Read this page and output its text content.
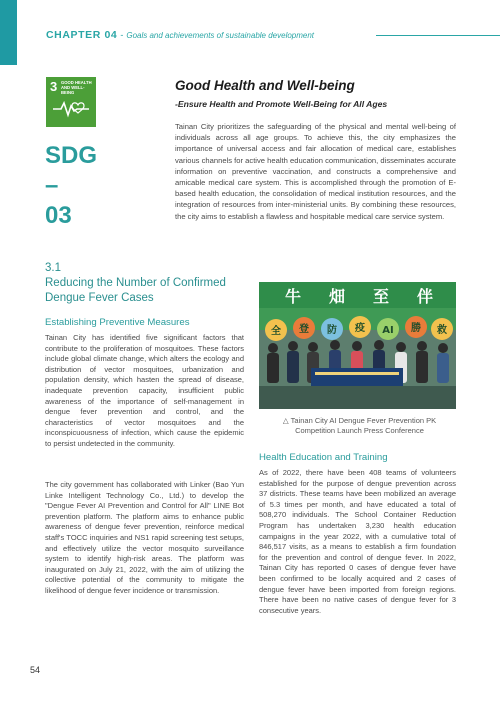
CHAPTER 04 - Goals and achievements of sustainable development
3 GOOD HEALTH AND WELL-BEING
SDG
–
03
Good Health and Well-being
-Ensure Health and Promote Well-Being for All Ages

Tainan City prioritizes the safeguarding of the physical and mental well-being of individuals across all age groups. To achieve this, the city emphasizes the importance of universal access and fair allocation of medical care, establishes various channels for active health education communication, disseminates accurate information on preventive vaccination, and constructs a comprehensive and amicable medical care system. This is accomplished through the promotion of E-based health education, the consolidation of medical institution resources, and the integration of resources from inter-ministerial units. By combining these resources, the city aims to establish a flawless and hospitable medical care service system.

3.1
Reducing the Number of Confirmed Dengue Fever Cases
Establishing Preventive Measures

Tainan City has identified five significant factors that contribute to the proliferation of mosquitoes. These factors include global climate change, which alters the ecology and distribution of vector mosquitoes, urbanization and population density, which hasten the spread of disease, inadequate prevention capacity, insufficient public awareness of the importance of self-management in dengue fever prevention and control, and the characteristics of vector mosquitoes and the inconspicuousness of infection, which cause the epidemic to persist undetected in the community.

The city government has collaborated with Linker (Bao Yun Linke Intelligent Technology Co., Ltd.) to develop the "Dengue Fever AI Prevention and Control for All" LINE Bot prevention platform. The platform aims to enhance public awareness of dengue fever prevention, reinforce medical staff's TOCC inquiries and NS1 rapid screening test setups, and effectively utilize the vector mosquito surveillance system to identify high-risk areas. The platform was inaugurated on July 21, 2022, with the aim of utilizing the collective potential of the community to mitigate the likelihood of dengue fever incidence or transmission.

牛 畑 至 伴
全 登 防 疫 AI 勝 救
△ Tainan City AI Dengue Fever Prevention PK Competition Launch Press Conference
Health Education and Training

As of 2022, there have been 408 teams of volunteers established for the purpose of dengue prevention across 37 districts. These teams have been mobilized an average of 5.3 times per month, and have educated a total of 508,270 individuals. The School Container Reduction Program has undertaken 3,230 health education campaigns in the year 2022, with a cumulative total of 846,517 visits, as a means to establish a firm foundation for the prevention and control of dengue fever. In 2022, Tainan City has reported 0 cases of dengue fever have been confirmed to be locally acquired and 2 cases of dengue fever have been imported from foreign regions. There have been no native cases of dengue fever for 3 consecutive years.

54
